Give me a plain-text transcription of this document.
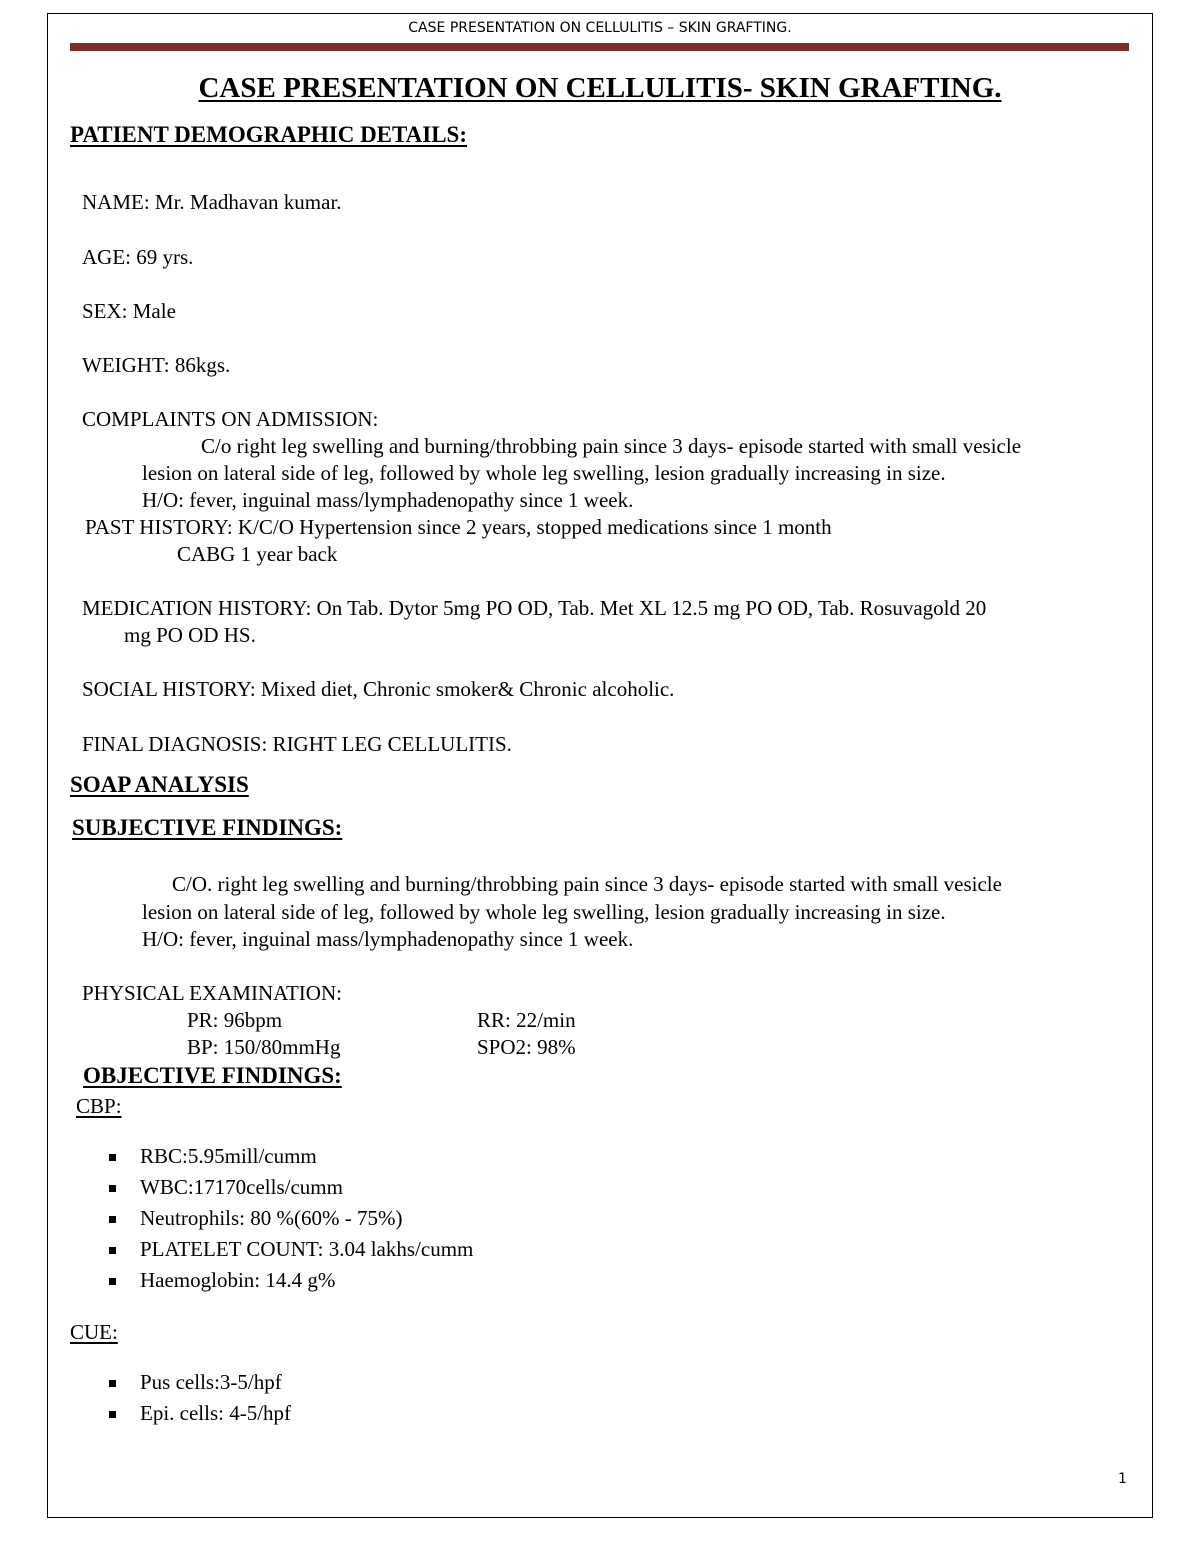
CASE PRESENTATION ON CELLULITIS – SKIN GRAFTING.
CASE PRESENTATION ON CELLULITIS- SKIN GRAFTING.
PATIENT DEMOGRAPHIC DETAILS:
NAME: Mr. Madhavan kumar.
AGE: 69 yrs.
SEX: Male
WEIGHT: 86kgs.
COMPLAINTS ON ADMISSION:
C/o right leg swelling and burning/throbbing pain since 3 days- episode started with small vesicle
lesion on lateral side of leg, followed by whole leg swelling, lesion gradually increasing in size.
H/O: fever, inguinal mass/lymphadenopathy since 1 week.
PAST HISTORY: K/C/O Hypertension since 2 years, stopped medications since 1 month
CABG 1 year back
MEDICATION HISTORY: On Tab. Dytor 5mg PO OD, Tab. Met XL 12.5 mg PO OD, Tab. Rosuvagold 20
mg PO OD HS.
SOCIAL HISTORY: Mixed diet, Chronic smoker& Chronic alcoholic.
FINAL DIAGNOSIS: RIGHT LEG CELLULITIS.
SOAP ANALYSIS
SUBJECTIVE FINDINGS:
C/O. right leg swelling and burning/throbbing pain since 3 days- episode started with small vesicle
lesion on lateral side of leg, followed by whole leg swelling, lesion gradually increasing in size.
H/O: fever, inguinal mass/lymphadenopathy since 1 week.
PHYSICAL EXAMINATION:
PR: 96bpm	RR: 22/min
BP: 150/80mmHg	SPO2: 98%
OBJECTIVE FINDINGS:
CBP:
RBC:5.95mill/cumm
WBC:17170cells/cumm
Neutrophils: 80 %(60% - 75%)
PLATELET COUNT: 3.04 lakhs/cumm
Haemoglobin: 14.4 g%
CUE:
Pus cells:3-5/hpf
Epi. cells: 4-5/hpf
1
